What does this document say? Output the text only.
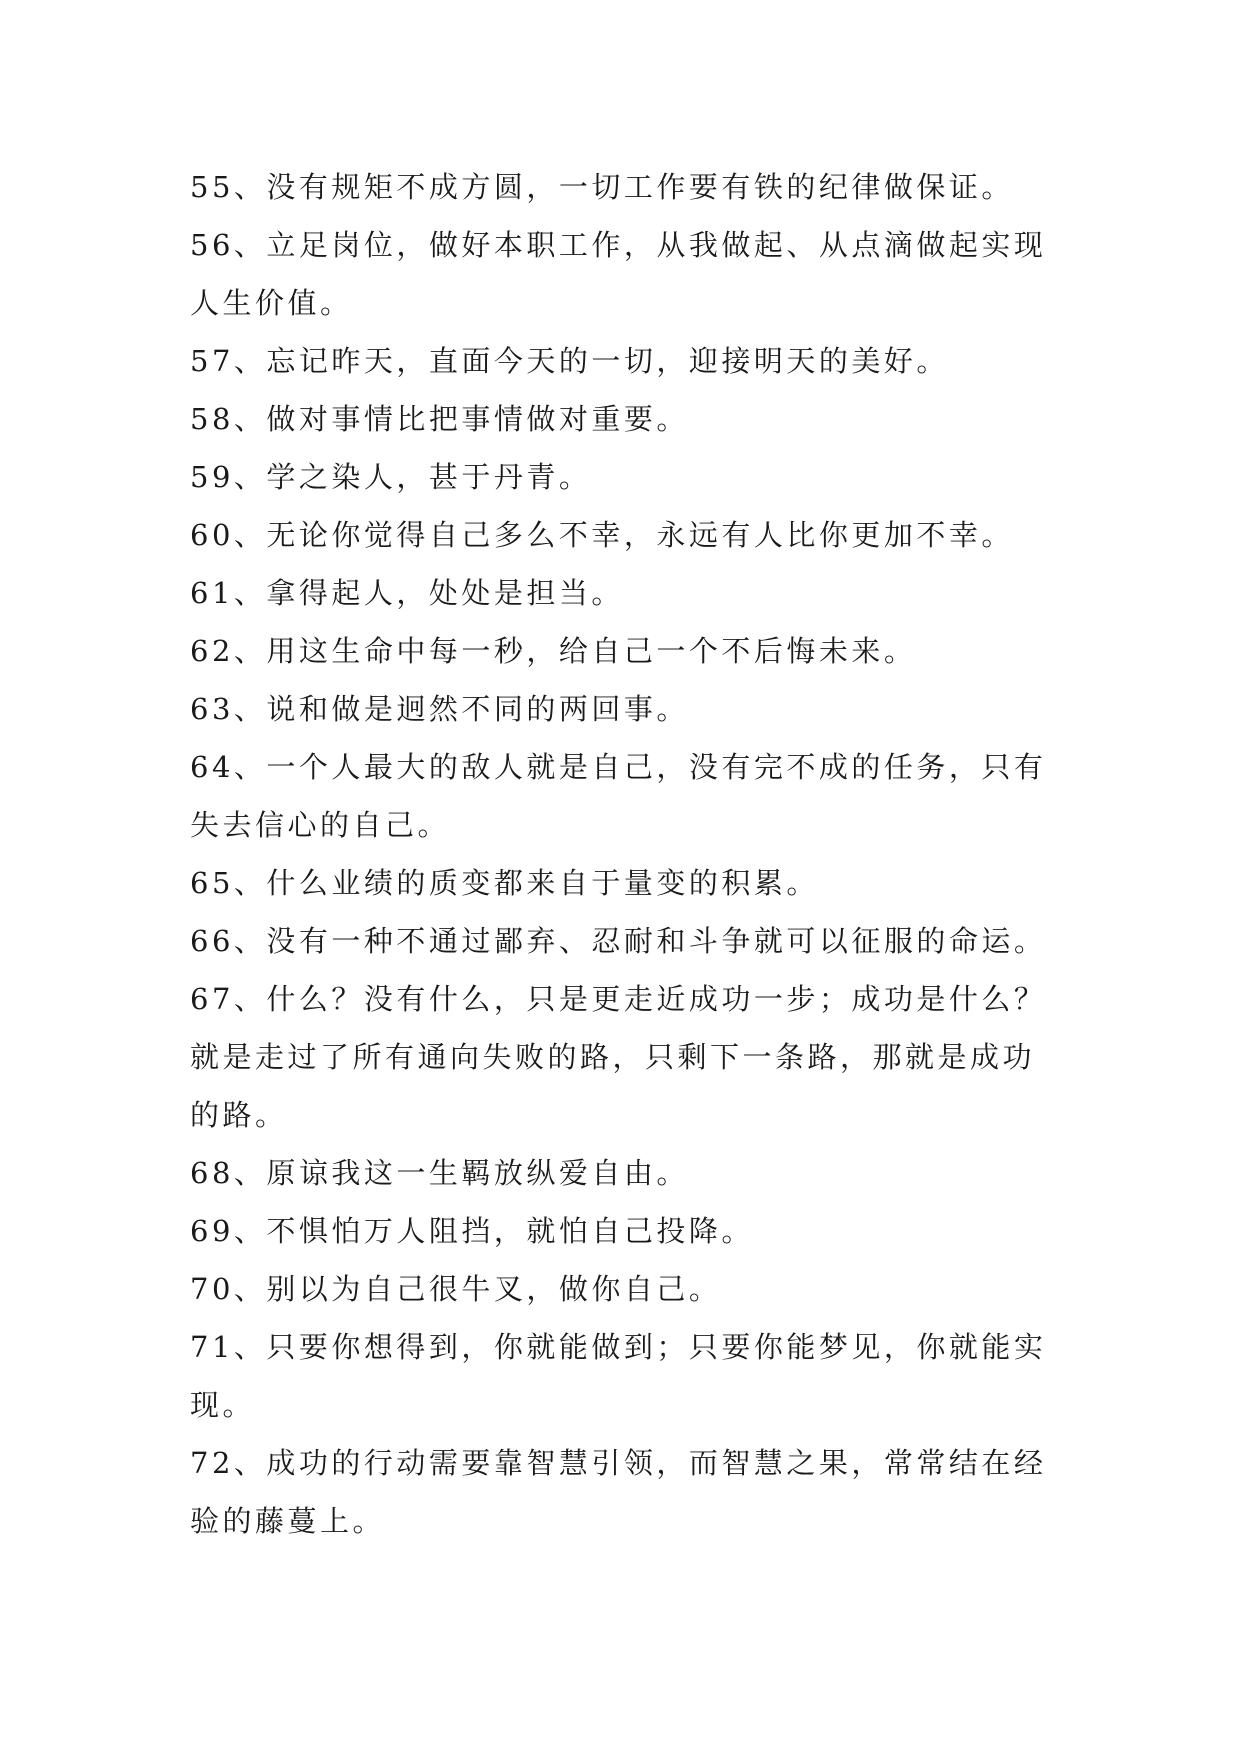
55、没有规矩不成方圆，一切工作要有铁的纪律做保证。
56、立足岗位，做好本职工作，从我做起、从点滴做起实现
人生价值。
57、忘记昨天，直面今天的一切，迎接明天的美好。
58、做对事情比把事情做对重要。
59、学之染人，甚于丹青。
60、无论你觉得自己多么不幸，永远有人比你更加不幸。
61、拿得起人，处处是担当。
62、用这生命中每一秒，给自己一个不后悔未来。
63、说和做是迥然不同的两回事。
64、一个人最大的敌人就是自己，没有完不成的任务，只有
失去信心的自己。
65、什么业绩的质变都来自于量变的积累。
66、没有一种不通过鄙弃、忍耐和斗争就可以征服的命运。
67、什么？没有什么，只是更走近成功一步；成功是什么？
就是走过了所有通向失败的路，只剩下一条路，那就是成功
的路。
68、原谅我这一生羁放纵爱自由。
69、不惧怕万人阻挡，就怕自己投降。
70、别以为自己很牛叉，做你自己。
71、只要你想得到，你就能做到；只要你能梦见，你就能实
现。
72、成功的行动需要靠智慧引领，而智慧之果，常常结在经
验的藤蔓上。
